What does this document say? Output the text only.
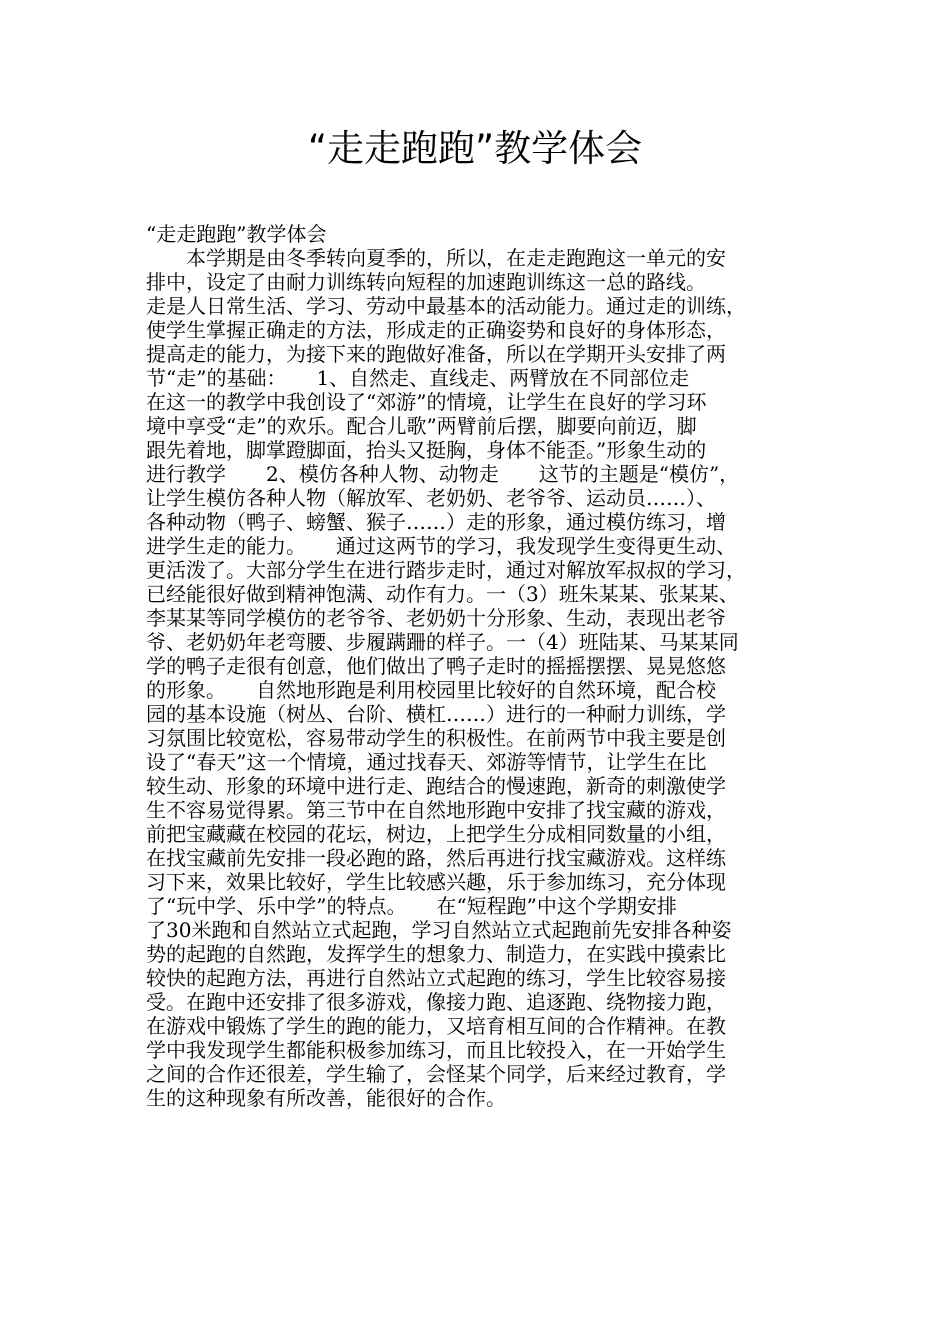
“走走跑跑”教学体会
“走走跑跑”教学体会
　　本学期是由冬季转向夏季的，所以，在走走跑跑这一单元的安
排中，设定了由耐力训练转向短程的加速跑训练这一总的路线。
走是人日常生活、学习、劳动中最基本的活动能力。通过走的训练，
使学生掌握正确走的方法，形成走的正确姿势和良好的身体形态，
提高走的能力，为接下来的跑做好准备，所以在学期开头安排了两
节“走”的基础：　　1、自然走、直线走、两臂放在不同部位走
在这一的教学中我创设了“郊游”的情境，让学生在良好的学习环
境中享受“走”的欢乐。配合儿歌”两臂前后摆，脚要向前迈，脚
跟先着地，脚掌蹬脚面，抬头又挺胸，身体不能歪。”形象生动的
进行教学　　2、模仿各种人物、动物走　　这节的主题是“模仿”，
让学生模仿各种人物（解放军、老奶奶、老爷爷、运动员……）、
各种动物（鸭子、螃蟹、猴子……）走的形象，通过模仿练习，增
进学生走的能力。　　通过这两节的学习，我发现学生变得更生动、
更活泼了。大部分学生在进行踏步走时，通过对解放军叔叔的学习，
已经能很好做到精神饱满、动作有力。一（3）班朱某某、张某某、
李某某等同学模仿的老爷爷、老奶奶十分形象、生动，表现出老爷
爷、老奶奶年老弯腰、步履蹒跚的样子。一（4）班陆某、马某某同
学的鸭子走很有创意，他们做出了鸭子走时的摇摇摆摆、晃晃悠悠
的形象。　　自然地形跑是利用校园里比较好的自然环境，配合校
园的基本设施（树丛、台阶、横杠……）进行的一种耐力训练，学
习氛围比较宽松，容易带动学生的积极性。在前两节中我主要是创
设了“春天”这一个情境，通过找春天、郊游等情节，让学生在比
较生动、形象的环境中进行走、跑结合的慢速跑，新奇的刺激使学
生不容易觉得累。第三节中在自然地形跑中安排了找宝藏的游戏，
前把宝藏藏在校园的花坛，树边，上把学生分成相同数量的小组，
在找宝藏前先安排一段必跑的路，然后再进行找宝藏游戏。这样练
习下来，效果比较好，学生比较感兴趣，乐于参加练习，充分体现
了“玩中学、乐中学”的特点。　　在“短程跑”中这个学期安排
了30米跑和自然站立式起跑，学习自然站立式起跑前先安排各种姿
势的起跑的自然跑，发挥学生的想象力、制造力，在实践中摸索比
较快的起跑方法，再进行自然站立式起跑的练习，学生比较容易接
受。在跑中还安排了很多游戏，像接力跑、追逐跑、绕物接力跑，
在游戏中锻炼了学生的跑的能力，又培育相互间的合作精神。在教
学中我发现学生都能积极参加练习，而且比较投入，在一开始学生
之间的合作还很差，学生输了，会怪某个同学，后来经过教育，学
生的这种现象有所改善，能很好的合作。
